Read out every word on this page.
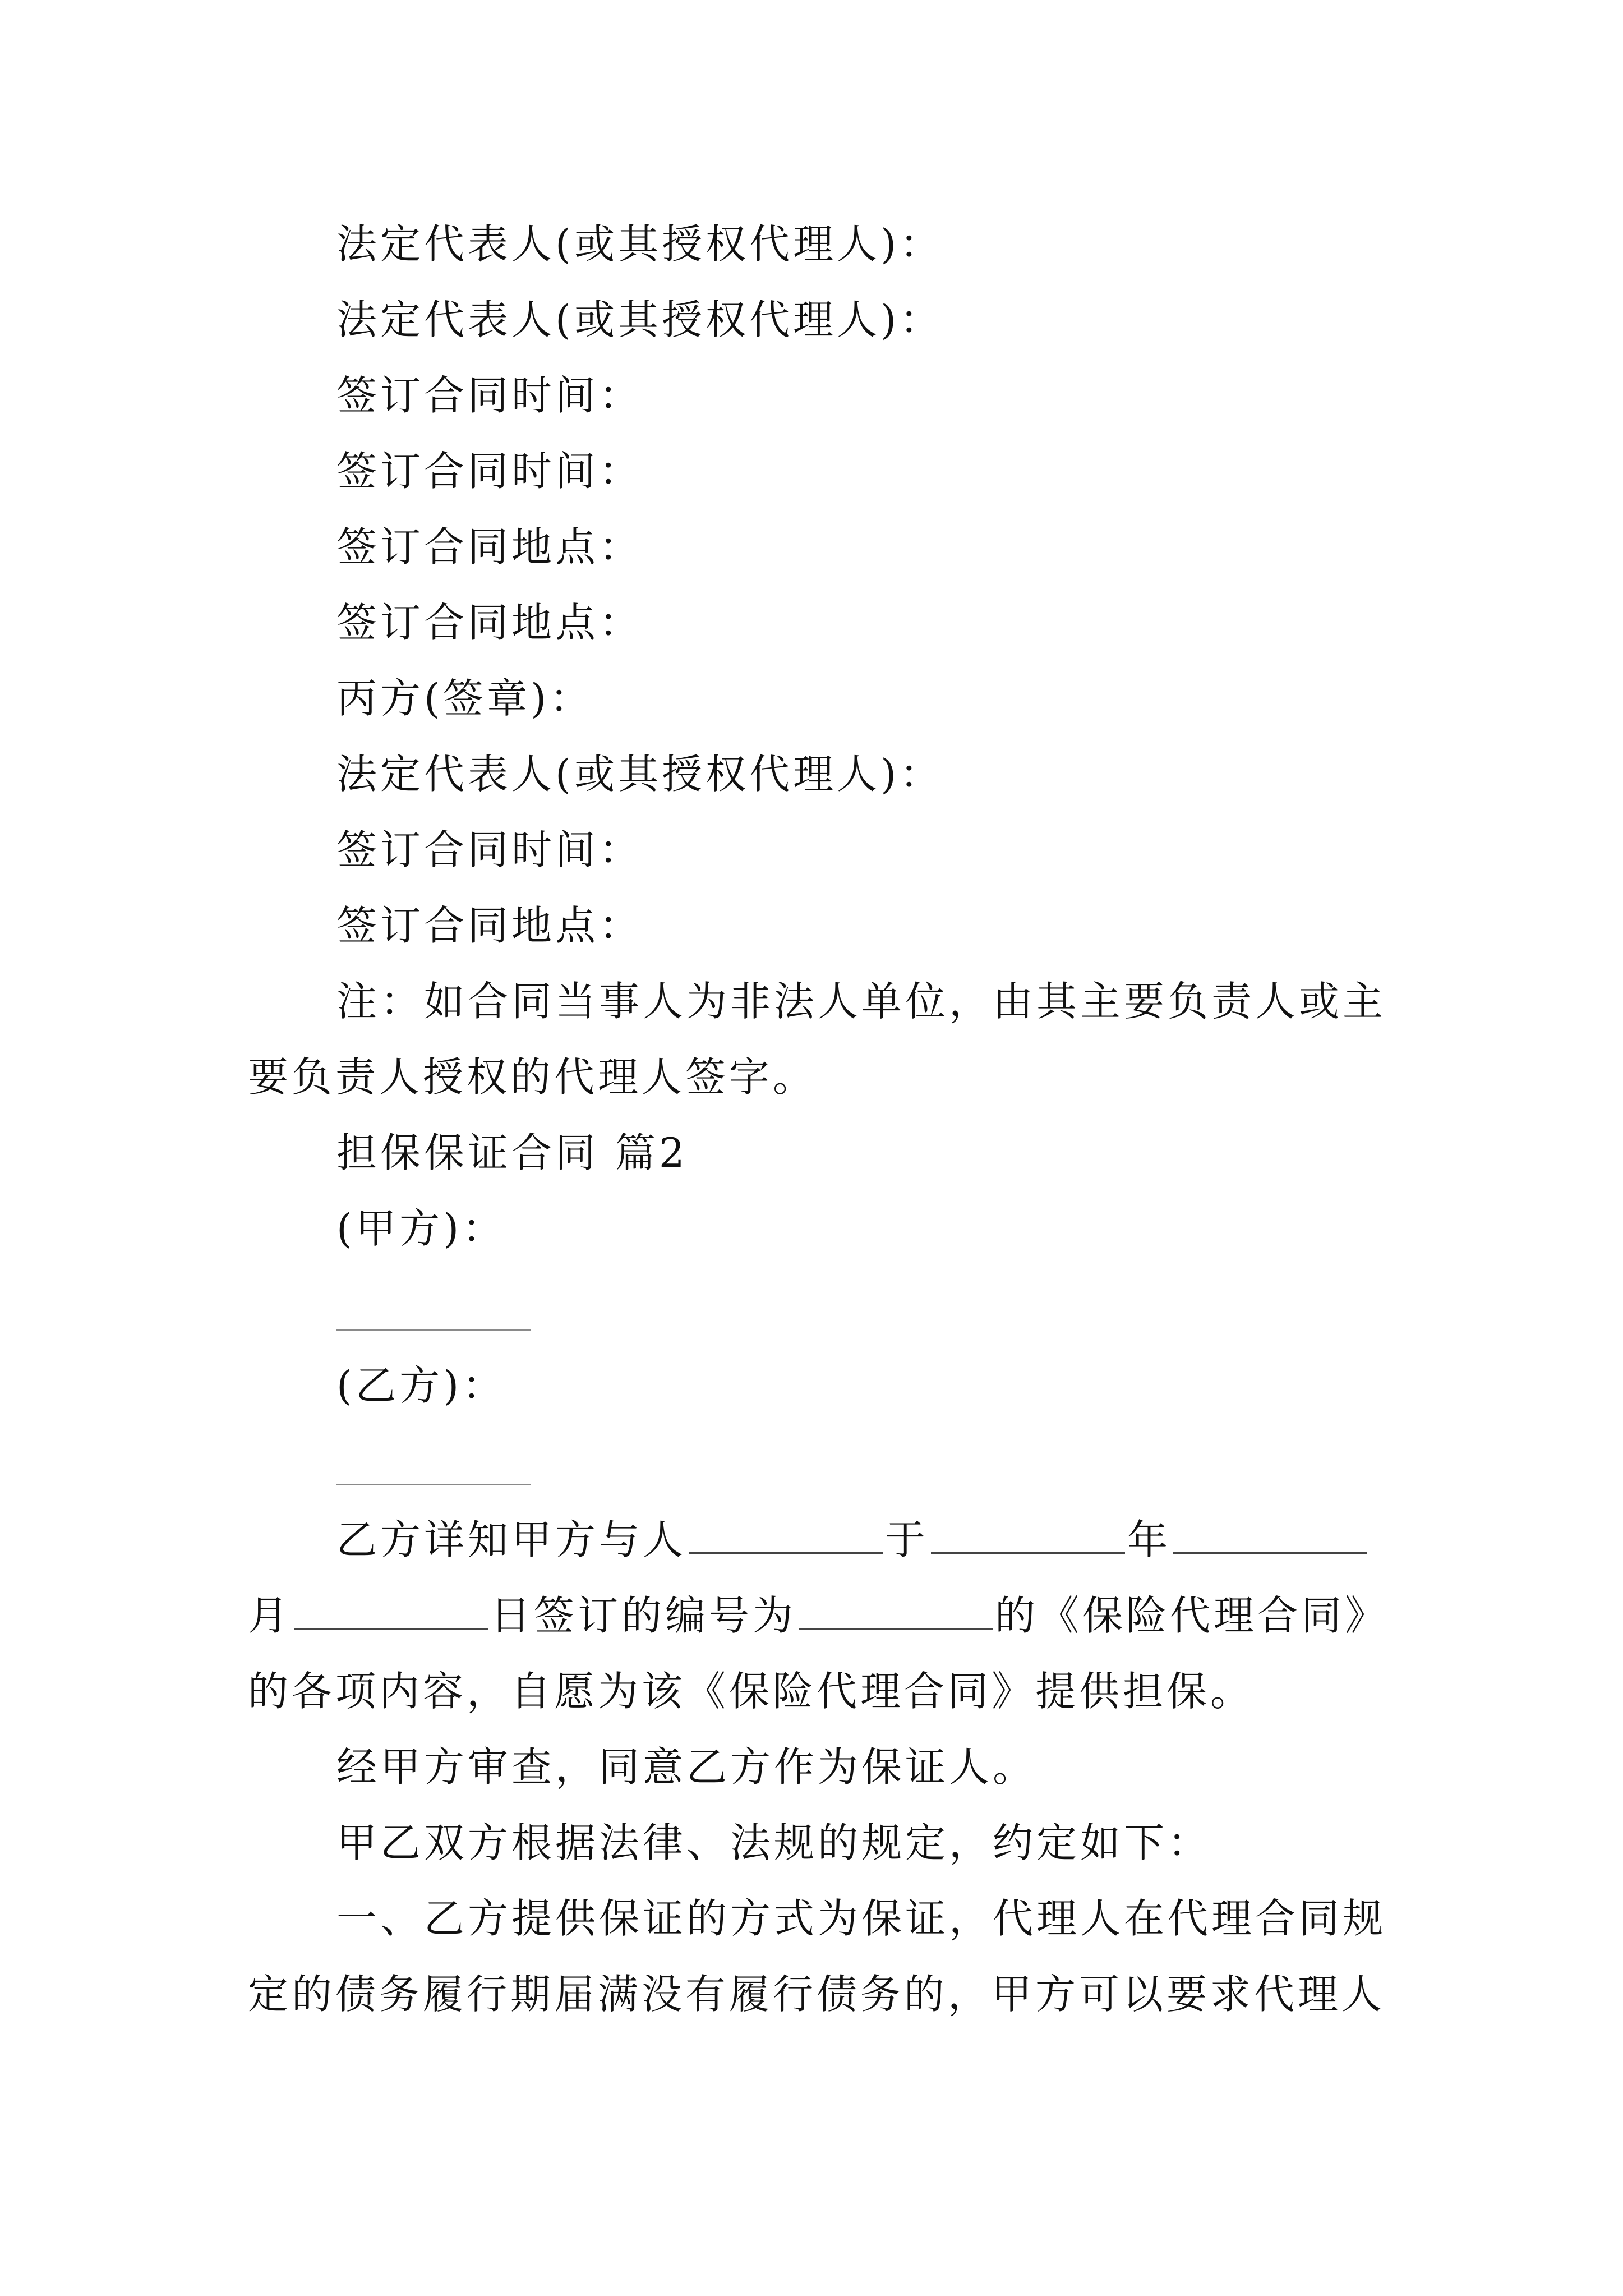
法定代表人(或其授权代理人)：
法定代表人(或其授权代理人)：
签订合同时间：
签订合同时间：
签订合同地点：
签订合同地点：
丙方(签章)：
法定代表人(或其授权代理人)：
签订合同时间：
签订合同地点：
注：如合同当事人为非法人单位，由其主要负责人或主
要负责人授权的代理人签字。
担保保证合同 篇2
(甲方)：
(乙方)：
乙方详知甲方与人	于	年
月	日签订的编号为	的《保险代理合同》
的各项内容，自愿为该《保险代理合同》提供担保。
经甲方审查，同意乙方作为保证人。
甲乙双方根据法律、法规的规定，约定如下：
一、乙方提供保证的方式为保证，代理人在代理合同规
定的债务履行期届满没有履行债务的，甲方可以要求代理人
